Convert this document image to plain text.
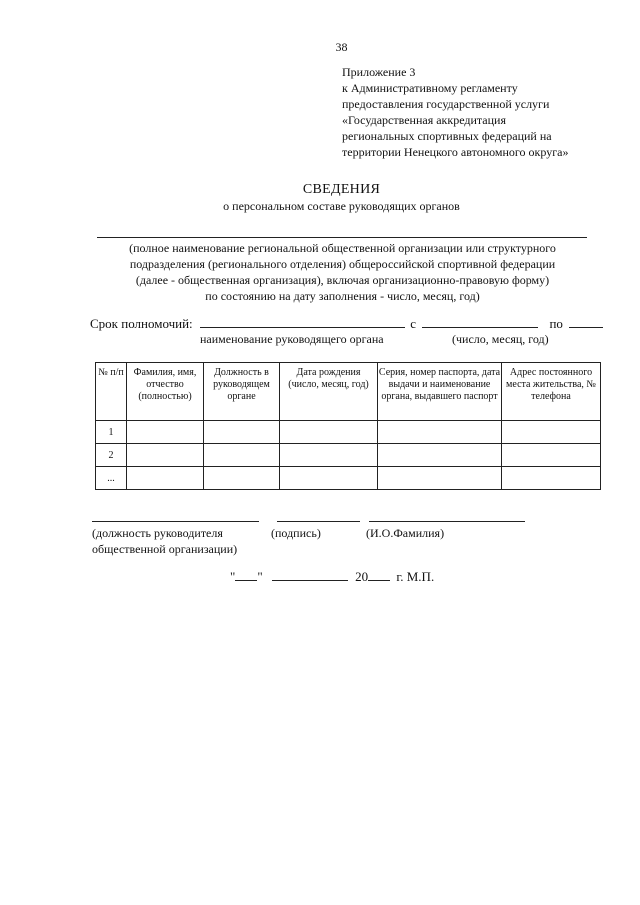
38
Приложение 3
к Административному регламенту
предоставления государственной услуги
«Государственная аккредитация
региональных спортивных федераций на
территории Ненецкого автономного округа»
СВЕДЕНИЯ
о персональном составе руководящих органов
(полное наименование региональной общественной организации или структурного
подразделения (регионального отделения) общероссийской спортивной федерации
(далее - общественная организация), включая организационно-правовую форму)
по состоянию на дату заполнения - число, месяц, год)
Срок полномочий:	с	по
наименование руководящего органа	(число, месяц, год)
№ п/п	Фамилия, имя, отчество (полностью)	Должность в руководящем органе	Дата рождения (число, месяц, год)	Серия, номер паспорта, дата выдачи и наименование органа, выдавшего паспорт	Адрес постоянного места жительства, № телефона
1					
2					
...					
(должность руководителя
общественной организации)
(подпись)	(И.О.Фамилия)
" "	20 г. М.П.
